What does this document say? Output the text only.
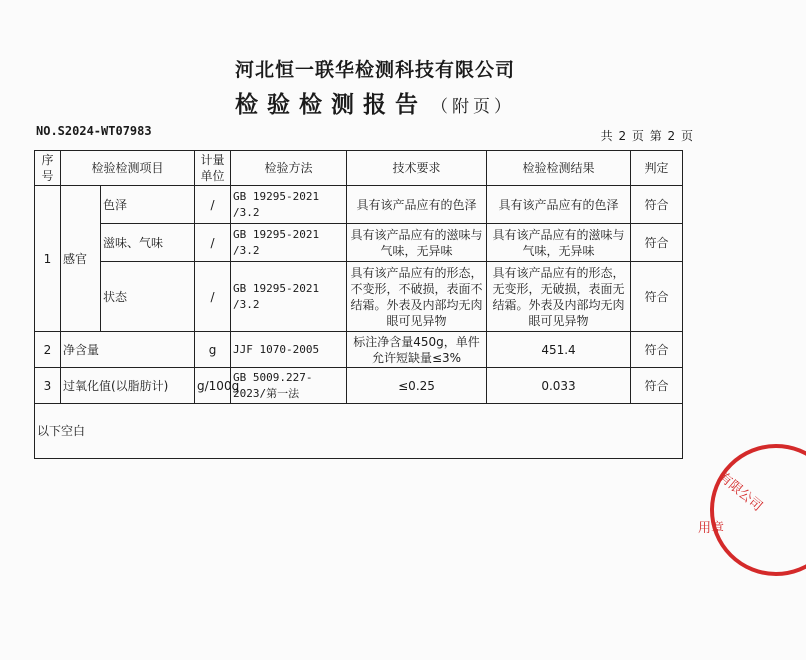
河北恒一联华检测科技有限公司
检验检测报告 （附页）
NO.S2024-WT07983	共 2 页 第 2 页
序号	检验检测项目		计量单位	检验方法	技术要求	检验检测结果	判定
1	感官	色泽	/	GB 19295-2021 /3.2	具有该产品应有的色泽	具有该产品应有的色泽	符合
		滋味、气味	/	GB 19295-2021 /3.2	具有该产品应有的滋味与气味，无异味	具有该产品应有的滋味与气味，无异味	符合
		状态	/	GB 19295-2021 /3.2	具有该产品应有的形态，不变形，不破损，表面不结霜。外表及内部均无肉眼可见异物	具有该产品应有的形态，无变形，无破损，表面无结霜。外表及内部均无肉眼可见异物	符合
2	净含量		g	JJF 1070-2005	标注净含量450g，单件允许短缺量≤3%	451.4	符合
3	过氧化值(以脂肪计)		g/100g	GB 5009.227-2023/第一法	≤0.25	0.033	符合
以下空白							
有限公司
用章
